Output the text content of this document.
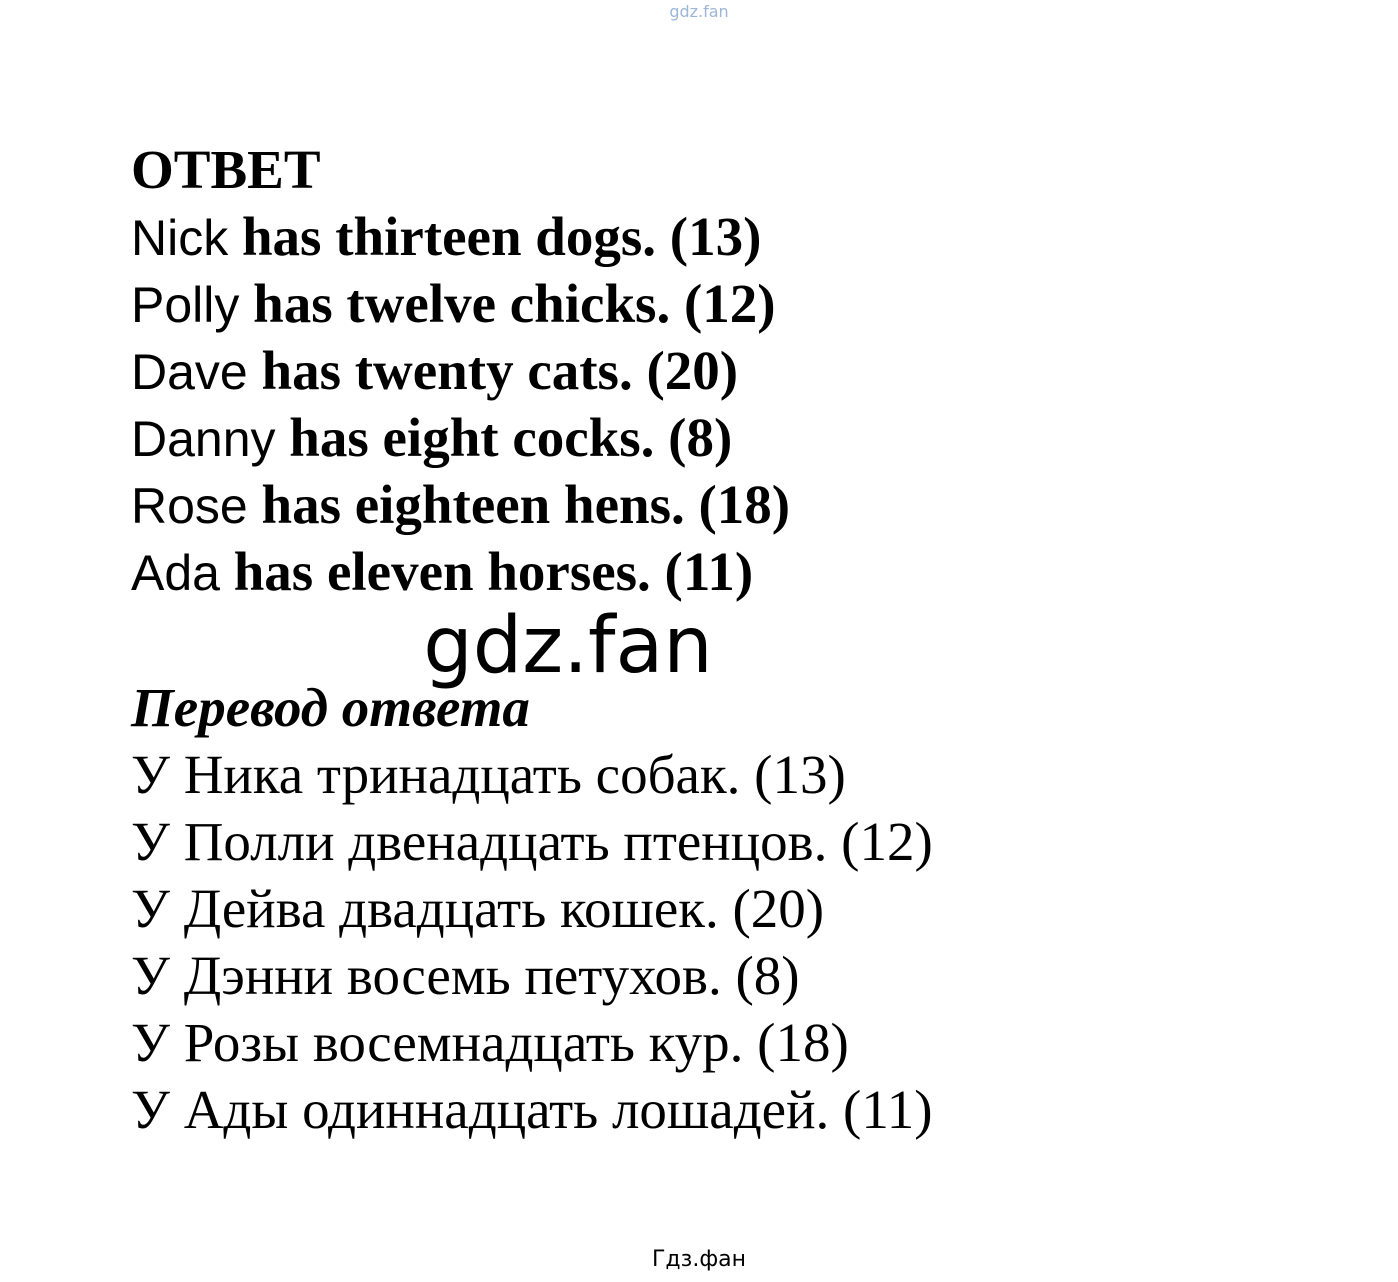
gdz.fan
ОТВЕТ
Nick has thirteen dogs. (13)
Polly has twelve chicks. (12)
Dave has twenty cats. (20)
Danny has eight cocks. (8)
Rose has eighteen hens. (18)
Ada has eleven horses. (11)
gdz.fan
Перевод ответа
У Ника тринадцать собак. (13)
У Полли двенадцать птенцов. (12)
У Дейва двадцать кошек. (20)
У Дэнни восемь петухов. (8)
У Розы восемнадцать кур. (18)
У Ады одиннадцать лошадей. (11)
Гдз.фан
